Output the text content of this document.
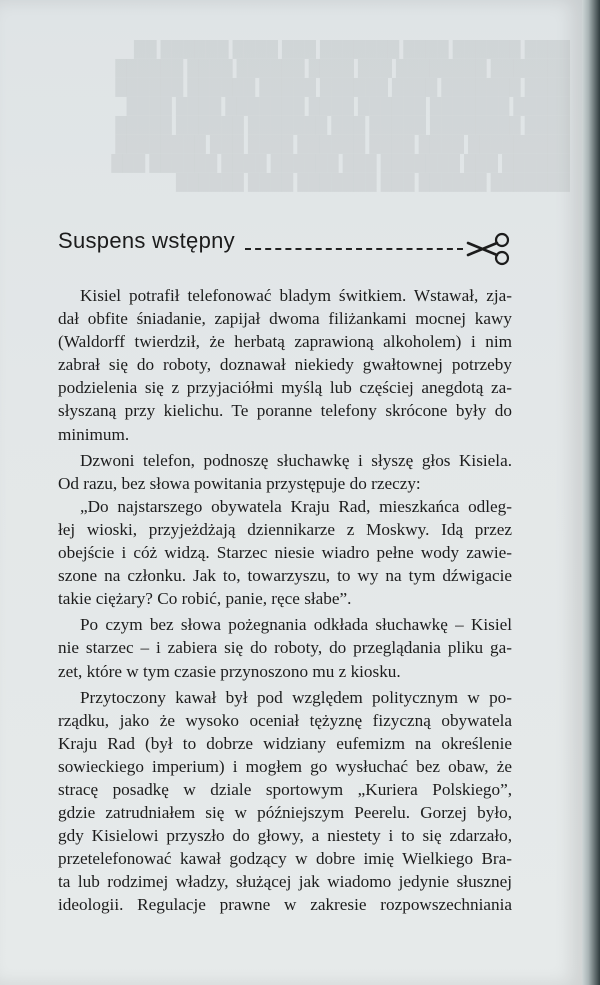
████ ██████ ████ ███████ ███ ████ ██████ ██
███████ ████████ ███ ████ ██████ ████ ██████
████ ███████ ████ ██████ █████ ██████ ██████
█████ ███████ ██████ ████ ███████ ████ ████
████ ████████ █████ ███ ███████ ██████ █████
█████████ ████ ████ ██████ ████ ███ ████████
██████ ███ ███████ ███ ██████ ████ ██████ ███
███████ ██████ ███ ███████ ████ ██████
Suspens wstępny
Kisiel potrafił telefonować bladym świtkiem. Wstawał, zja-
dał obfite śniadanie, zapijał dwoma filiżankami mocnej kawy
(Waldorff twierdził, że herbatą zaprawioną alkoholem) i nim
zabrał się do roboty, doznawał niekiedy gwałtownej potrzeby
podzielenia się z przyjaciółmi myślą lub częściej anegdotą za-
słyszaną przy kielichu. Te poranne telefony skrócone były do
minimum.
Dzwoni telefon, podnoszę słuchawkę i słyszę głos Kisiela.
Od razu, bez słowa powitania przystępuje do rzeczy:
„Do najstarszego obywatela Kraju Rad, mieszkańca odleg-
łej wioski, przyjeżdżają dziennikarze z Moskwy. Idą przez
obejście i cóż widzą. Starzec niesie wiadro pełne wody zawie-
szone na członku. Jak to, towarzyszu, to wy na tym dźwigacie
takie ciężary? Co robić, panie, ręce słabe”.
Po czym bez słowa pożegnania odkłada słuchawkę – Kisiel
nie starzec – i zabiera się do roboty, do przeglądania pliku ga-
zet, które w tym czasie przynoszono mu z kiosku.
Przytoczony kawał był pod względem politycznym w po-
rządku, jako że wysoko oceniał tężyznę fizyczną obywatela
Kraju Rad (był to dobrze widziany eufemizm na określenie
sowieckiego imperium) i mogłem go wysłuchać bez obaw, że
stracę posadkę w dziale sportowym „Kuriera Polskiego”,
gdzie zatrudniałem się w późniejszym Peerelu. Gorzej było,
gdy Kisielowi przyszło do głowy, a niestety i to się zdarzało,
przetelefonować kawał godzący w dobre imię Wielkiego Bra-
ta lub rodzimej władzy, służącej jak wiadomo jedynie słusznej
ideologii. Regulacje prawne w zakresie rozpowszechniania
